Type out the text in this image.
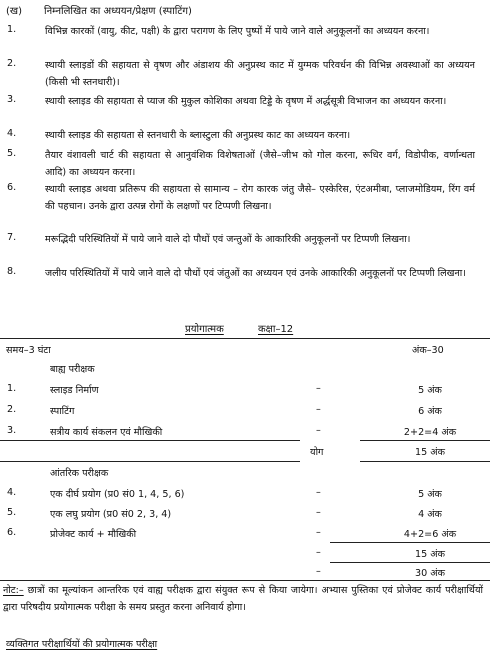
(ख) निम्नलिखित का अध्ययन/प्रेक्षण (स्पाटिंग)
1.	विभिन्न कारकों (वायु, कीट, पक्षी) के द्वारा परागण के लिए पुष्पों में पाये जाने वाले अनुकूलनों का अध्ययन करना।
2.	स्थायी स्लाइडों की सहायता से वृषण और अंडाशय की अनुप्रस्थ काट में युग्मक परिवर्धन की विभिन्न अवस्थाओं का अध्ययन (किसी भी स्तनधारी)।
3.	स्थायी स्लाइड की सहायता से प्याज की मुकुल कोशिका अथवा टिड्डे के वृषण में अर्द्धसूत्री विभाजन का अध्ययन करना।
4.	स्थायी स्लाइड की सहायता से स्तनधारी के ब्लास्टुला की अनुप्रस्थ काट का अध्ययन करना।
5.	तैयार वंशावली चार्ट की सहायता से आनुवंशिक विशेषताओं (जैसे–जीभ को गोल करना, रूधिर वर्ग, विडोपीक, वर्णान्धता आदि) का अध्ययन करना।
6.	स्थायी स्लाइड अथवा प्रतिरूप की सहायता से सामान्य – रोग कारक जंतु जैसे– एस्केरिस, एंटअमीबा, प्लाजमोडियम, रिंग वर्म की पहचान। उनके द्वारा उत्पन्न रोगों के लक्षणों पर टिप्पणी लिखना।
7.	मरूद्भिदी परिस्थितियों में पाये जाने वाले दो पौधों एवं जन्तुओं के आकारिकी अनुकूलनों पर टिप्पणी लिखना।
8.	जलीय परिस्थितियों में पाये जाने वाले दो पौधों एवं जंतुओं का अध्ययन एवं उनके आकारिकी अनुकूलनों पर टिप्पणी लिखना।
प्रयोगात्मक	कक्षा–12
समय–3 घंटा	अंक–30
बाह्य परीक्षक
1.	स्लाइड निर्माण	–	5 अंक
2.	स्पाटिंग	–	6 अंक
3.	सत्रीय कार्य संकलन एवं मौखिकी	–	2+2=4 अंक
योग	15 अंक
आंतरिक परीक्षक
4.	एक दीर्घ प्रयोग (प्र0 सं0 1, 4, 5, 6)	–	5 अंक
5.	एक लघु प्रयोग (प्र0 सं0 2, 3, 4)	–	4 अंक
6.	प्रोजेक्ट कार्य + मौखिकी	–	4+2=6 अंक
–	15 अंक
–	30 अंक
नोट:– छात्रों का मूल्यांकन आन्तरिक एवं वाह्य परीक्षक द्वारा संयुक्त रूप से किया जायेगा। अभ्यास पुस्तिका एवं प्रोजेक्ट कार्य परीक्षार्थियों द्वारा परिषदीय प्रयोगात्मक परीक्षा के समय प्रस्तुत करना अनिवार्य होगा।
व्यक्तिगत परीक्षार्थियों की प्रयोगात्मक परीक्षा
